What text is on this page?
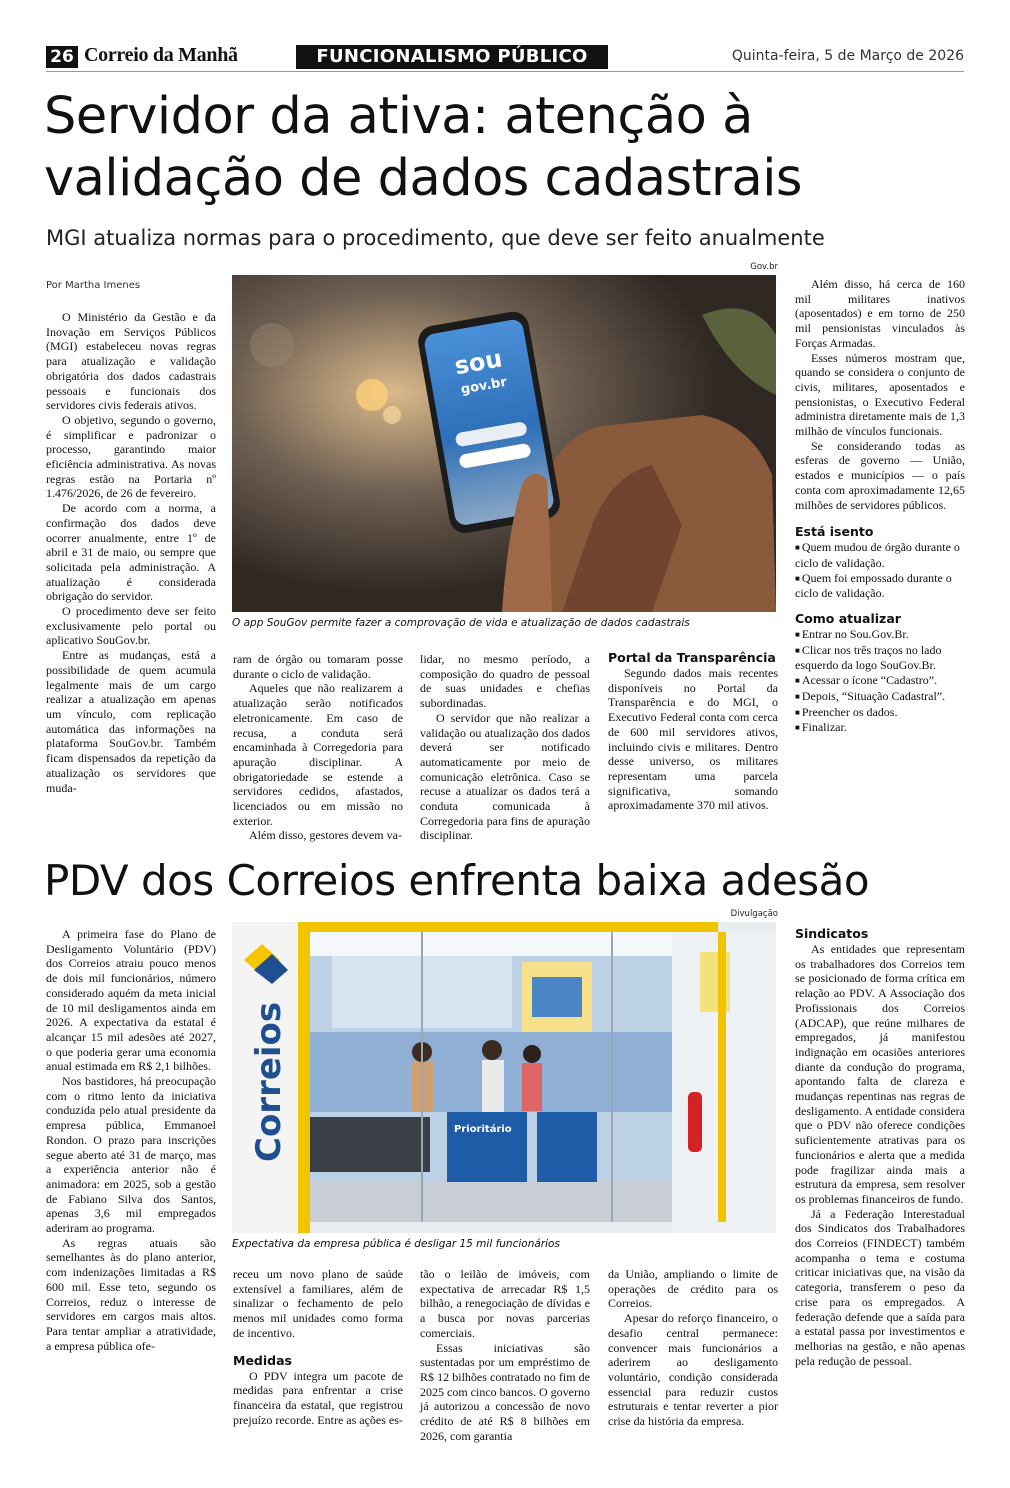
26 Correio da Manhã	FUNCIONALISMO PÚBLICO	Quinta-feira, 5 de Março de 2026
Servidor da ativa: atenção à
validação de dados cadastrais
MGI atualiza normas para o procedimento, que deve ser feito anualmente
Por Martha Imenes
Gov.br
sou
gov.br
O app SouGov permite fazer a comprovação de vida e atualização de dados cadastrais

O Ministério da Gestão e da Inovação em Serviços Públicos (MGI) estabeleceu novas regras para atualização e validação obrigatória dos dados cadastrais pessoais e funcionais dos servidores civis federais ativos.

O objetivo, segundo o governo, é simplificar e padronizar o processo, garantindo maior eficiência administrativa. As novas regras estão na Portaria nº 1.476/2026, de 26 de fevereiro.

De acordo com a norma, a confirmação dos dados deve ocorrer anualmente, entre 1º de abril e 31 de maio, ou sempre que solicitada pela administração. A atualização é considerada obrigação do servidor.

O procedimento deve ser feito exclusivamente pelo portal ou aplicativo SouGov.br.

Entre as mudanças, está a possibilidade de quem acumula legalmente mais de um cargo realizar a atualização em apenas um vínculo, com replicação automática das informações na plataforma SouGov.br. Também ficam dispensados da repetição da atualização os servidores que muda-

ram de órgão ou tomaram posse durante o ciclo de validação.

Aqueles que não realizarem a atualização serão notificados eletronicamente. Em caso de recusa, a conduta será encaminhada à Corregedoria para apuração disciplinar. A obrigatoriedade se estende a servidores cedidos, afastados, licenciados ou em missão no exterior.

Além disso, gestores devem va-

lidar, no mesmo período, a composição do quadro de pessoal de suas unidades e chefias subordinadas.

O servidor que não realizar a validação ou atualização dos dados deverá ser notificado automaticamente por meio de comunicação eletrônica. Caso se recuse a atualizar os dados terá a conduta comunicada à Corregedoria para fins de apuração disciplinar.

Portal da Transparência

Segundo dados mais recentes disponíveis no Portal da Transparência e do MGI, o Executivo Federal conta com cerca de 600 mil servidores ativos, incluindo civis e militares. Dentro desse universo, os militares representam uma parcela significativa, somando aproximadamente 370 mil ativos.

Além disso, há cerca de 160 mil militares inativos (aposentados) e em torno de 250 mil pensionistas vinculados às Forças Armadas.

Esses números mostram que, quando se considera o conjunto de civis, militares, aposentados e pensionistas, o Executivo Federal administra diretamente mais de 1,3 milhão de vínculos funcionais.

Se considerando todas as esferas de governo — União, estados e municípios — o país conta com aproximadamente 12,65 milhões de servidores públicos.

Está isento
■ Quem mudou de órgão durante o ciclo de validação.
■ Quem foi empossado durante o ciclo de validação.
Como atualizar
■ Entrar no Sou.Gov.Br.
■ Clicar nos três traços no lado esquerdo da logo SouGov.Br.
■ Acessar o ícone “Cadastro”.
■ Depois, “Situação Cadastral”.
■ Preencher os dados.
■ Finalizar.
PDV dos Correios enfrenta baixa adesão
Divulgação
Correios	Prioritário
Expectativa da empresa pública é desligar 15 mil funcionários

A primeira fase do Plano de Desligamento Voluntário (PDV) dos Correios atraiu pouco menos de dois mil funcionários, número considerado aquém da meta inicial de 10 mil desligamentos ainda em 2026. A expectativa da estatal é alcançar 15 mil adesões até 2027, o que poderia gerar uma economia anual estimada em R$ 2,1 bilhões.

Nos bastidores, há preocupação com o ritmo lento da iniciativa conduzida pelo atual presidente da empresa pública, Emmanoel Rondon. O prazo para inscrições segue aberto até 31 de março, mas a experiência anterior não é animadora: em 2025, sob a gestão de Fabiano Silva dos Santos, apenas 3,6 mil empregados aderiram ao programa.

As regras atuais são semelhantes às do plano anterior, com indenizações limitadas a R$ 600 mil. Esse teto, segundo os Correios, reduz o interesse de servidores em cargos mais altos. Para tentar ampliar a atratividade, a empresa pública ofe-

receu um novo plano de saúde extensível a familiares, além de sinalizar o fechamento de pelo menos mil unidades como forma de incentivo.

Medidas

O PDV integra um pacote de medidas para enfrentar a crise financeira da estatal, que registrou prejuízo recorde. Entre as ações es-

tão o leilão de imóveis, com expectativa de arrecadar R$ 1,5 bilhão, a renegociação de dívidas e a busca por novas parcerias comerciais.

Essas iniciativas são sustentadas por um empréstimo de R$ 12 bilhões contratado no fim de 2025 com cinco bancos. O governo já autorizou a concessão de novo crédito de até R$ 8 bilhões em 2026, com garantia

da União, ampliando o limite de operações de crédito para os Correios.

Apesar do reforço financeiro, o desafio central permanece: convencer mais funcionários a aderirem ao desligamento voluntário, condição considerada essencial para reduzir custos estruturais e tentar reverter a pior crise da história da empresa.

Sindicatos

As entidades que representam os trabalhadores dos Correios tem se posicionado de forma crítica em relação ao PDV. A Associação dos Profissionais dos Correios (ADCAP), que reúne milhares de empregados, já manifestou indignação em ocasiões anteriores diante da condução do programa, apontando falta de clareza e mudanças repentinas nas regras de desligamento. A entidade considera que o PDV não oferece condições suficientemente atrativas para os funcionários e alerta que a medida pode fragilizar ainda mais a estrutura da empresa, sem resolver os problemas financeiros de fundo.

Já a Federação Interestadual dos Sindicatos dos Trabalhadores dos Correios (FINDECT) também acompanha o tema e costuma criticar iniciativas que, na visão da categoria, transferem o peso da crise para os empregados. A federação defende que a saída para a estatal passa por investimentos e melhorias na gestão, e não apenas pela redução de pessoal.
